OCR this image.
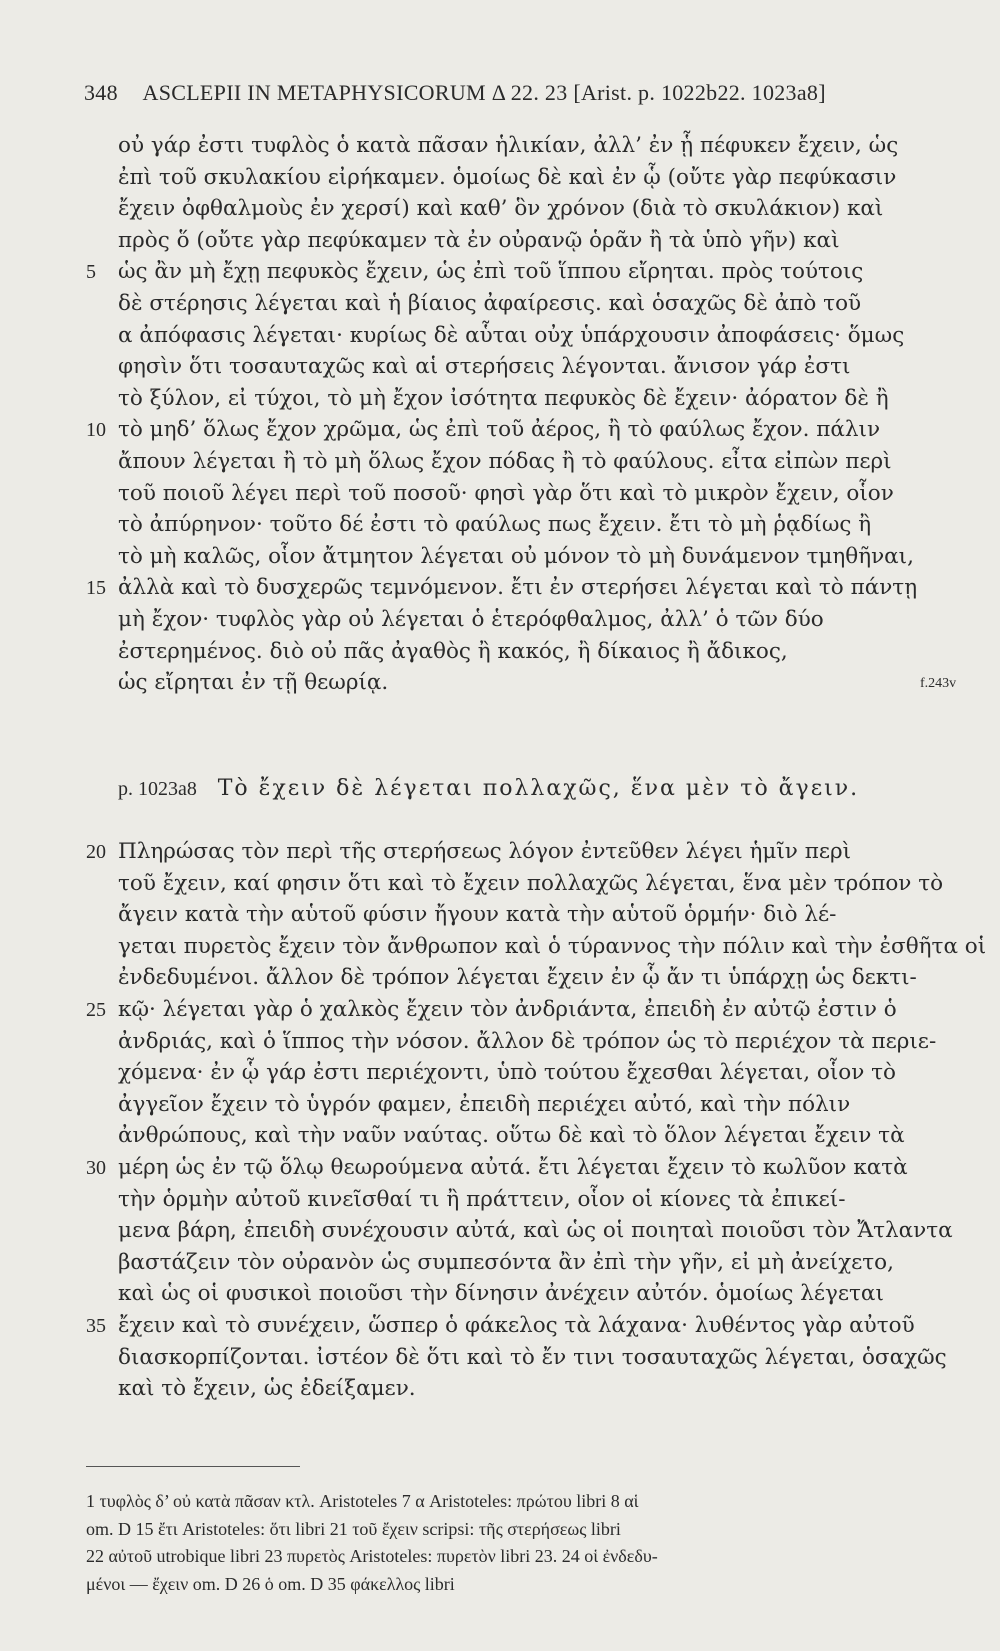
348 ASCLEPII IN METAPHYSICORUM Δ 22. 23 [Arist. p. 1022b22. 1023a8]
οὐ γάρ ἐστι τυφλὸς ὁ κατὰ πᾶσαν ἡλικίαν, ἀλλ’ ἐν ᾗ πέφυκεν ἔχειν, ὡς
ἐπὶ τοῦ σκυλακίου εἰρήκαμεν. ὁμοίως δὲ καὶ ἐν ᾧ (οὔτε γὰρ πεφύκασιν
ἔχειν ὀφθαλμοὺς ἐν χερσί) καὶ καθ’ ὃν χρόνον (διὰ τὸ σκυλάκιον) καὶ
πρὸς ὅ (οὔτε γὰρ πεφύκαμεν τὰ ἐν οὐρανῷ ὁρᾶν ἢ τὰ ὑπὸ γῆν) καὶ
5	ὡς ἂν μὴ ἔχῃ πεφυκὸς ἔχειν, ὡς ἐπὶ τοῦ ἵππου εἴρηται. πρὸς τούτοις
δὲ στέρησις λέγεται καὶ ἡ βίαιος ἀφαίρεσις. καὶ ὁσαχῶς δὲ ἀπὸ τοῦ
α ἀπόφασις λέγεται· κυρίως δὲ αὗται οὐχ ὑπάρχουσιν ἀποφάσεις· ὅμως
φησὶν ὅτι τοσαυταχῶς καὶ αἱ στερήσεις λέγονται. ἄνισον γάρ ἐστι
τὸ ξύλον, εἰ τύχοι, τὸ μὴ ἔχον ἰσότητα πεφυκὸς δὲ ἔχειν· ἀόρατον δὲ ἢ
10 τὸ μηδ’ ὅλως ἔχον χρῶμα, ὡς ἐπὶ τοῦ ἀέρος, ἢ τὸ φαύλως ἔχον. πάλιν
ἄπουν λέγεται ἢ τὸ μὴ ὅλως ἔχον πόδας ἢ τὸ φαύλους. εἶτα εἰπὼν περὶ
τοῦ ποιοῦ λέγει περὶ τοῦ ποσοῦ· φησὶ γὰρ ὅτι καὶ τὸ μικρὸν ἔχειν, οἷον
τὸ ἀπύρηνον· τοῦτο δέ ἐστι τὸ φαύλως πως ἔχειν. ἔτι τὸ μὴ ῥᾳδίως ἢ
τὸ μὴ καλῶς, οἷον ἄτμητον λέγεται οὐ μόνον τὸ μὴ δυνάμενον τμηθῆναι,
15 ἀλλὰ καὶ τὸ δυσχερῶς τεμνόμενον. ἔτι ἐν στερήσει λέγεται καὶ τὸ πάντῃ
μὴ ἔχον· τυφλὸς γὰρ οὐ λέγεται ὁ ἑτερόφθαλμος, ἀλλ’ ὁ τῶν δύο
ἐστερημένος. διὸ οὐ πᾶς ἀγαθὸς ἢ κακός, ἢ δίκαιος ἢ ἄδικος,
ὡς εἴρηται ἐν τῇ θεωρίᾳ.	f.243v
p. 1023a8 Τὸ ἔχειν δὲ λέγεται πολλαχῶς, ἕνα μὲν τὸ ἄγειν.
20 Πληρώσας τὸν περὶ τῆς στερήσεως λόγον ἐντεῦθεν λέγει ἡμῖν περὶ
τοῦ ἔχειν, καί φησιν ὅτι καὶ τὸ ἔχειν πολλαχῶς λέγεται, ἕνα μὲν τρόπον τὸ
ἄγειν κατὰ τὴν αὑτοῦ φύσιν ἤγουν κατὰ τὴν αὑτοῦ ὁρμήν· διὸ λέ-
γεται πυρετὸς ἔχειν τὸν ἄνθρωπον καὶ ὁ τύραννος τὴν πόλιν καὶ τὴν ἐσθῆτα οἱ
ἐνδεδυμένοι. ἄλλον δὲ τρόπον λέγεται ἔχειν ἐν ᾧ ἄν τι ὑπάρχῃ ὡς δεκτι-
25 κῷ· λέγεται γὰρ ὁ χαλκὸς ἔχειν τὸν ἀνδριάντα, ἐπειδὴ ἐν αὐτῷ ἐστιν ὁ
ἀνδριάς, καὶ ὁ ἵππος τὴν νόσον. ἄλλον δὲ τρόπον ὡς τὸ περιέχον τὰ περιε-
χόμενα· ἐν ᾧ γάρ ἐστι περιέχοντι, ὑπὸ τούτου ἔχεσθαι λέγεται, οἷον τὸ
ἀγγεῖον ἔχειν τὸ ὑγρόν φαμεν, ἐπειδὴ περιέχει αὐτό, καὶ τὴν πόλιν
ἀνθρώπους, καὶ τὴν ναῦν ναύτας. οὕτω δὲ καὶ τὸ ὅλον λέγεται ἔχειν τὰ
30 μέρη ὡς ἐν τῷ ὅλῳ θεωρούμενα αὐτά. ἔτι λέγεται ἔχειν τὸ κωλῦον κατὰ
τὴν ὁρμὴν αὐτοῦ κινεῖσθαί τι ἢ πράττειν, οἷον οἱ κίονες τὰ ἐπικεί-
μενα βάρη, ἐπειδὴ συνέχουσιν αὐτά, καὶ ὡς οἱ ποιηταὶ ποιοῦσι τὸν Ἄτλαντα
βαστάζειν τὸν οὐρανὸν ὡς συμπεσόντα ἂν ἐπὶ τὴν γῆν, εἰ μὴ ἀνείχετο,
καὶ ὡς οἱ φυσικοὶ ποιοῦσι τὴν δίνησιν ἀνέχειν αὐτόν. ὁμοίως λέγεται
35 ἔχειν καὶ τὸ συνέχειν, ὥσπερ ὁ φάκελος τὰ λάχανα· λυθέντος γὰρ αὐτοῦ
διασκορπίζονται. ἰστέον δὲ ὅτι καὶ τὸ ἔν τινι τοσαυταχῶς λέγεται, ὁσαχῶς
καὶ τὸ ἔχειν, ὡς ἐδείξαμεν.
1 τυφλὸς δ’ οὐ κατὰ πᾶσαν κτλ. Aristoteles 7 α Aristoteles: πρώτου libri 8 αἱ
om. D 15 ἔτι Aristoteles: ὅτι libri 21 τοῦ ἔχειν scripsi: τῆς στερήσεως libri
22 αὐτοῦ utrobique libri 23 πυρετὸς Aristoteles: πυρετὸν libri 23. 24 οἱ ἐνδεδυ-
μένοι — ἔχειν om. D 26 ὁ om. D 35 φάκελλος libri
